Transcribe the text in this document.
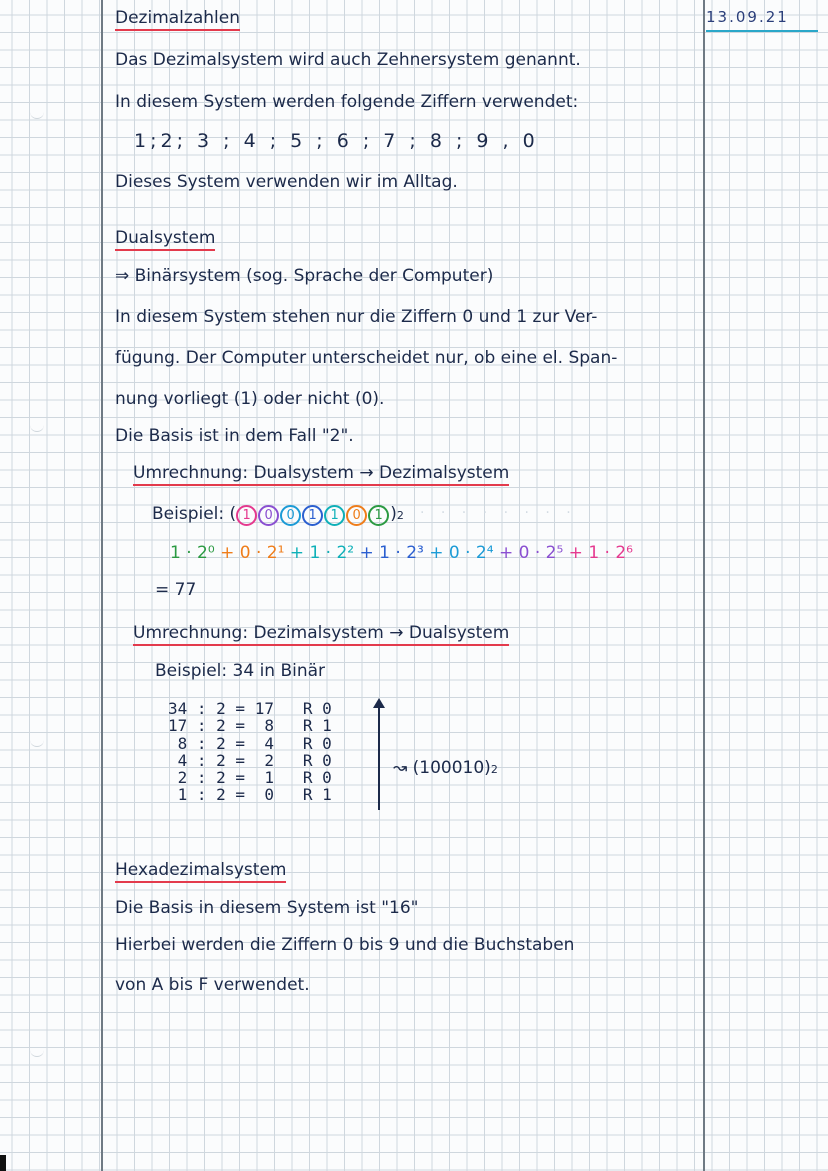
13.09.21
Dezimalzahlen
Das Dezimalsystem wird auch Zehnersystem genannt.
In diesem System werden folgende Ziffern verwendet:
1;2; 3 ; 4 ; 5 ; 6 ; 7 ; 8 ; 9 , 0
Dieses System verwenden wir im Alltag.
Dualsystem
⇒ Binärsystem (sog. Sprache der Computer)
In diesem System stehen nur die Ziffern 0 und 1 zur Ver-
fügung. Der Computer unterscheidet nur, ob eine el. Span-
nung vorliegt (1) oder nicht (0).
Die Basis ist in dem Fall "2".
Umrechnung: Dualsystem → Dezimalsystem
Beispiel: ( 1 0 0 1 1 0 1 )2 · · · · · · · ·
1 · 2⁰ + 0 · 2¹ + 1 · 2² + 1 · 2³ + 0 · 2⁴ + 0 · 2⁵ + 1 · 2⁶
= 77
Umrechnung: Dezimalsystem → Dualsystem
Beispiel: 34 in Binär
34 : 2 = 17   R 0
17 : 2 =  8   R 1
8 : 2 =  4   R 0
4 : 2 =  2   R 0
2 : 2 =  1   R 0
1 : 2 =  0   R 1
↝ (100010)2
Hexadezimalsystem
Die Basis in diesem System ist "16"
Hierbei werden die Ziffern 0 bis 9 und die Buchstaben
von A bis F verwendet.
